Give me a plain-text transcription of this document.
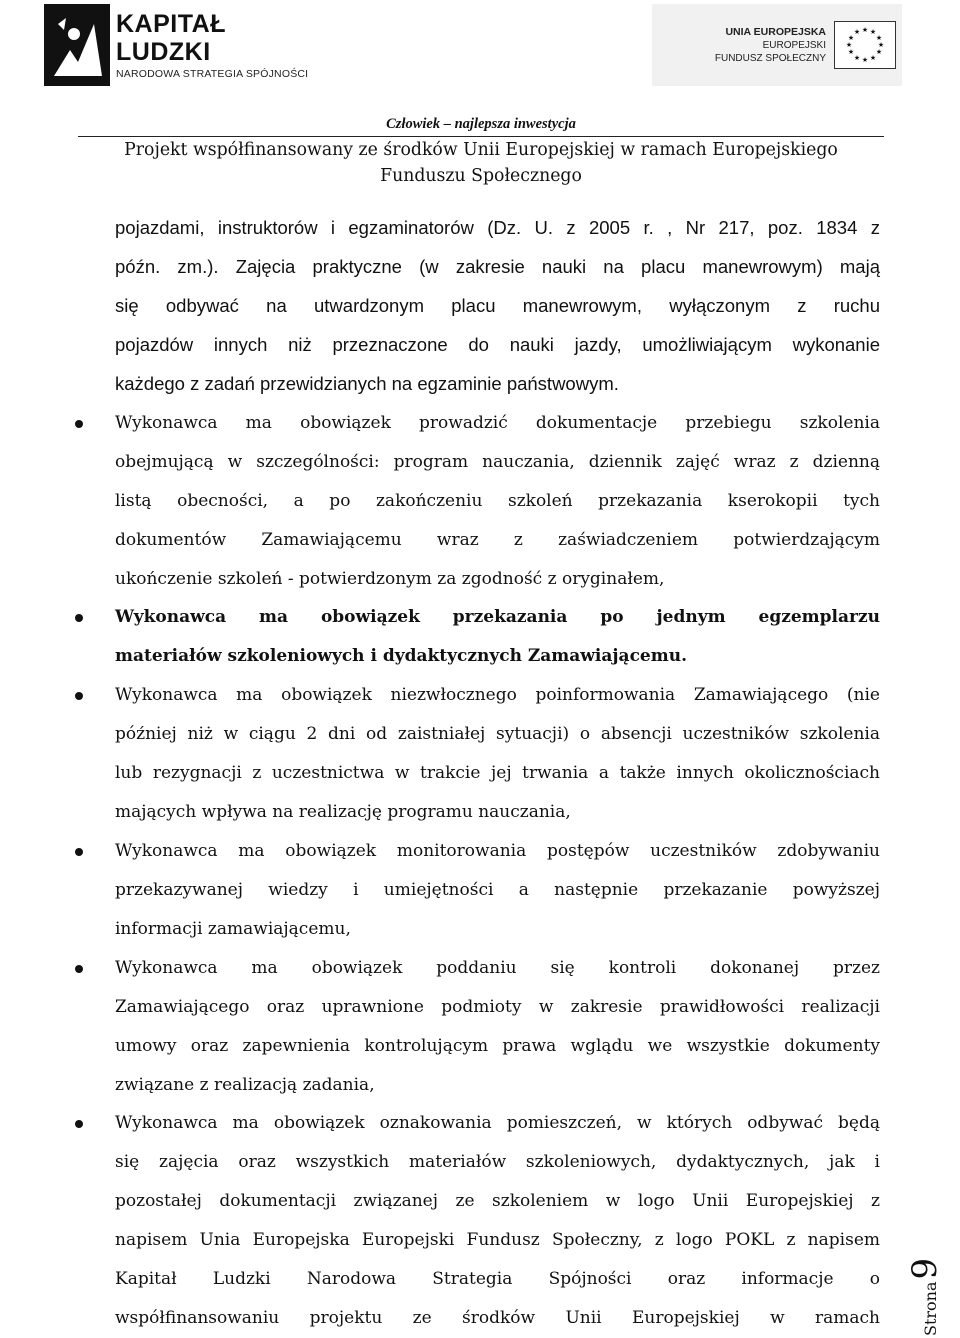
KAPITAŁ LUDZKI
NARODOWA STRATEGIA SPÓJNOŚCI
UNIA EUROPEJSKA
EUROPEJSKI
FUNDUSZ SPOŁECZNY
★ ★
★
★
★
★
★
★
★
★
★
★
Człowiek – najlepsza inwestycja
Projekt współfinansowany ze środków Unii Europejskiej w ramach Europejskiego
Funduszu Społecznego
pojazdami, instruktorów i egzaminatorów (Dz. U. z 2005 r. , Nr 217, poz. 1834 z
późn. zm.). Zajęcia praktyczne (w zakresie nauki na placu manewrowym) mają
się odbywać na utwardzonym placu manewrowym, wyłączonym z ruchu
pojazdów innych niż przeznaczone do nauki jazdy, umożliwiającym wykonanie
każdego z zadań przewidzianych na egzaminie państwowym.
Wykonawca ma obowiązek prowadzić dokumentacje przebiegu szkolenia
obejmującą w szczególności: program nauczania, dziennik zajęć wraz z dzienną
listą obecności, a po zakończeniu szkoleń przekazania kserokopii tych
dokumentów Zamawiającemu wraz z zaświadczeniem potwierdzającym
ukończenie szkoleń - potwierdzonym za zgodność z oryginałem,
Wykonawca ma obowiązek przekazania po jednym egzemplarzu
materiałów szkoleniowych i dydaktycznych Zamawiającemu.
Wykonawca ma obowiązek niezwłocznego poinformowania Zamawiającego (nie
później niż w ciągu 2 dni od zaistniałej sytuacji) o absencji uczestników szkolenia
lub rezygnacji z uczestnictwa w trakcie jej trwania a także innych okolicznościach
mających wpływa na realizację programu nauczania,
Wykonawca ma obowiązek monitorowania postępów uczestników zdobywaniu
przekazywanej wiedzy i umiejętności a następnie przekazanie powyższej
informacji zamawiającemu,
Wykonawca ma obowiązek poddaniu się kontroli dokonanej przez
Zamawiającego oraz uprawnione podmioty w zakresie prawidłowości realizacji
umowy oraz zapewnienia kontrolującym prawa wglądu we wszystkie dokumenty
związane z realizacją zadania,
Wykonawca ma obowiązek oznakowania pomieszczeń, w których odbywać będą
się zajęcia oraz wszystkich materiałów szkoleniowych, dydaktycznych, jak i
pozostałej dokumentacji związanej ze szkoleniem w logo Unii Europejskiej z
napisem Unia Europejska Europejski Fundusz Społeczny, z logo POKL z napisem
Kapitał Ludzki Narodowa Strategia Spójności oraz informacje o
współfinansowaniu projektu ze środków Unii Europejskiej w ramach	Strona
9
